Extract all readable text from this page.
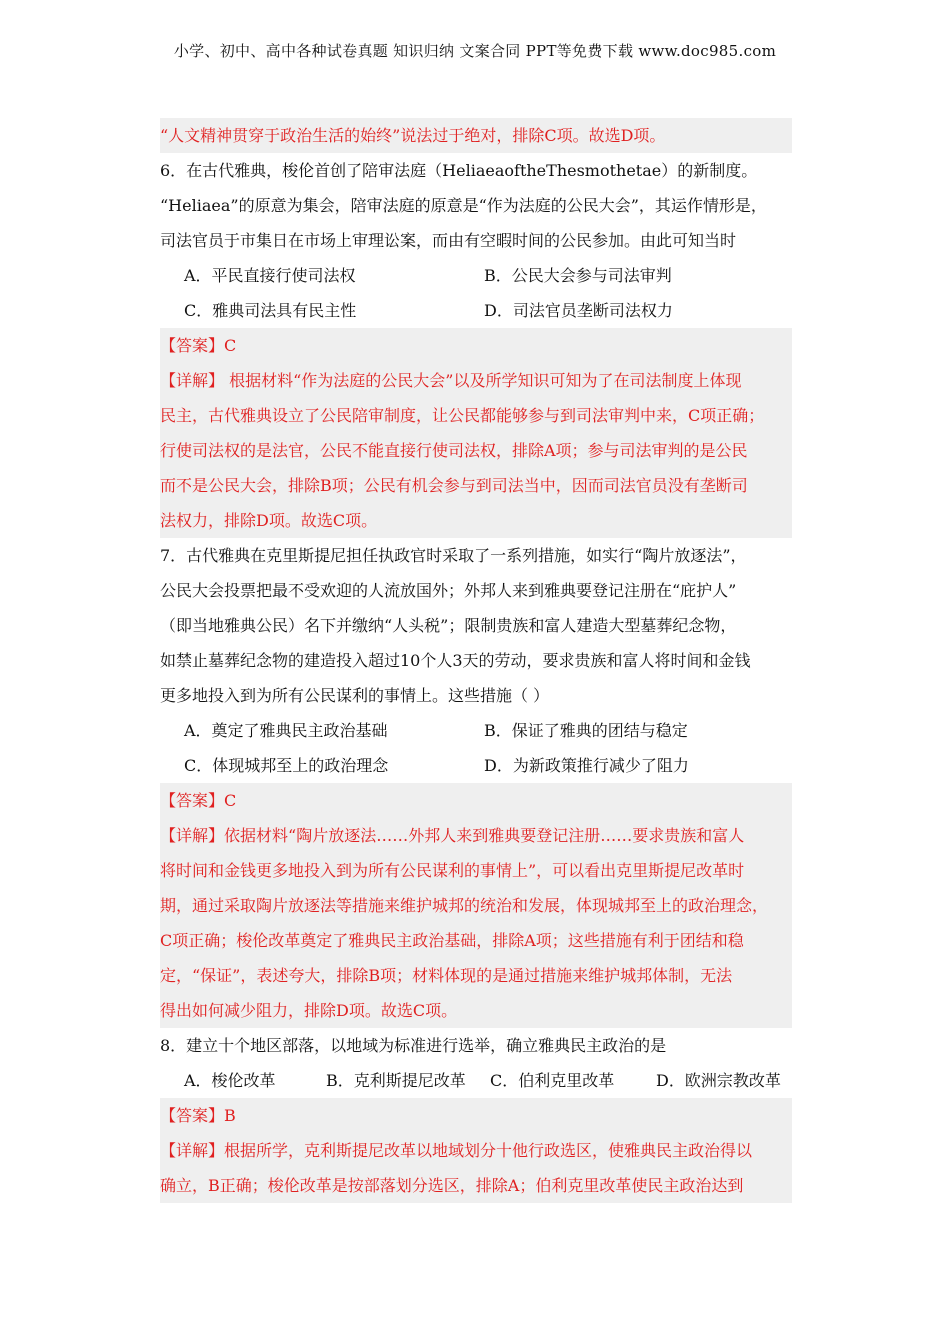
小学、初中、高中各种试卷真题 知识归纳 文案合同 PPT等免费下载 www.doc985.com
“人文精神贯穿于政治生活的始终”说法过于绝对，排除C项。故选D项。
6．在古代雅典，梭伦首创了陪审法庭（HeliaeaoftheThesmothetae）的新制度。
“Heliaea”的原意为集会，陪审法庭的原意是“作为法庭的公民大会”，其运作情形是，
司法官员于市集日在市场上审理讼案，而由有空暇时间的公民参加。由此可知当时
A．平民直接行使司法权	B．公民大会参与司法审判
C．雅典司法具有民主性	D．司法官员垄断司法权力
【答案】C
【详解】 根据材料“作为法庭的公民大会”以及所学知识可知为了在司法制度上体现
民主，古代雅典设立了公民陪审制度，让公民都能够参与到司法审判中来，C项正确；
行使司法权的是法官，公民不能直接行使司法权，排除A项；参与司法审判的是公民
而不是公民大会，排除B项；公民有机会参与到司法当中，因而司法官员没有垄断司
法权力，排除D项。故选C项。
7．古代雅典在克里斯提尼担任执政官时采取了一系列措施，如实行“陶片放逐法”，
公民大会投票把最不受欢迎的人流放国外；外邦人来到雅典要登记注册在“庇护人”
（即当地雅典公民）名下并缴纳“人头税”；限制贵族和富人建造大型墓葬纪念物，
如禁止墓葬纪念物的建造投入超过10个人3天的劳动，要求贵族和富人将时间和金钱
更多地投入到为所有公民谋利的事情上。这些措施（ ）
A．奠定了雅典民主政治基础	B．保证了雅典的团结与稳定
C．体现城邦至上的政治理念	D．为新政策推行减少了阻力
【答案】C
【详解】依据材料“陶片放逐法……外邦人来到雅典要登记注册……要求贵族和富人
将时间和金钱更多地投入到为所有公民谋利的事情上”，可以看出克里斯提尼改革时
期，通过采取陶片放逐法等措施来维护城邦的统治和发展，体现城邦至上的政治理念，
C项正确；梭伦改革奠定了雅典民主政治基础，排除A项；这些措施有利于团结和稳
定，“保证”，表述夸大，排除B项；材料体现的是通过措施来维护城邦体制，无法
得出如何减少阻力，排除D项。故选C项。
8．建立十个地区部落，以地域为标准进行选举，确立雅典民主政治的是
A．梭伦改革	B．克利斯提尼改革	C．伯利克里改革	D．欧洲宗教改革
【答案】B
【详解】根据所学，克利斯提尼改革以地域划分十他行政选区，使雅典民主政治得以
确立，B正确；梭伦改革是按部落划分选区，排除A；伯利克里改革使民主政治达到
